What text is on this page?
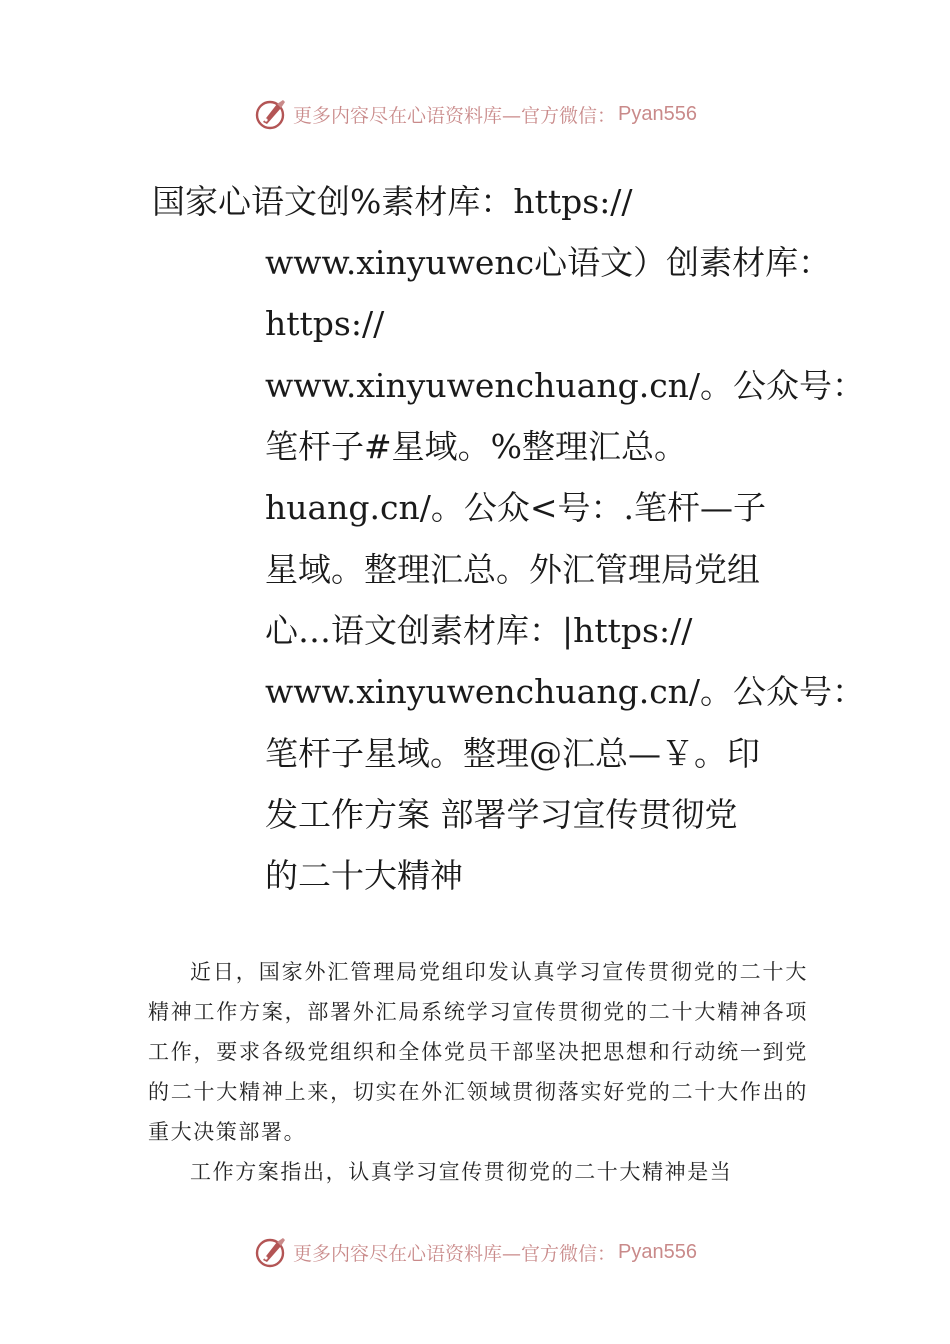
更多内容尽在心语资料库—官方微信： Pyan556
国家心语文创%素材库：https://
www.xinyuwenc心语文）创素材库：
https://
www.xinyuwenchuang.cn/。公众号：
笔杆子#星域。%整理汇总。
huang.cn/。公众<号：.笔杆—子
星域。整理汇总。外汇管理局党组
心…语文创素材库：|https://
www.xinyuwenchuang.cn/。公众号：
笔杆子星域。整理@汇总—￥。印
发工作方案 部署学习宣传贯彻党
的二十大精神

近日，国家外汇管理局党组印发认真学习宣传贯彻党的二十大精神工作方案，部署外汇局系统学习宣传贯彻党的二十大精神各项工作，要求各级党组织和全体党员干部坚决把思想和行动统一到党的二十大精神上来，切实在外汇领域贯彻落实好党的二十大作出的重大决策部署。

工作方案指出，认真学习宣传贯彻党的二十大精神是当

更多内容尽在心语资料库—官方微信： Pyan556
